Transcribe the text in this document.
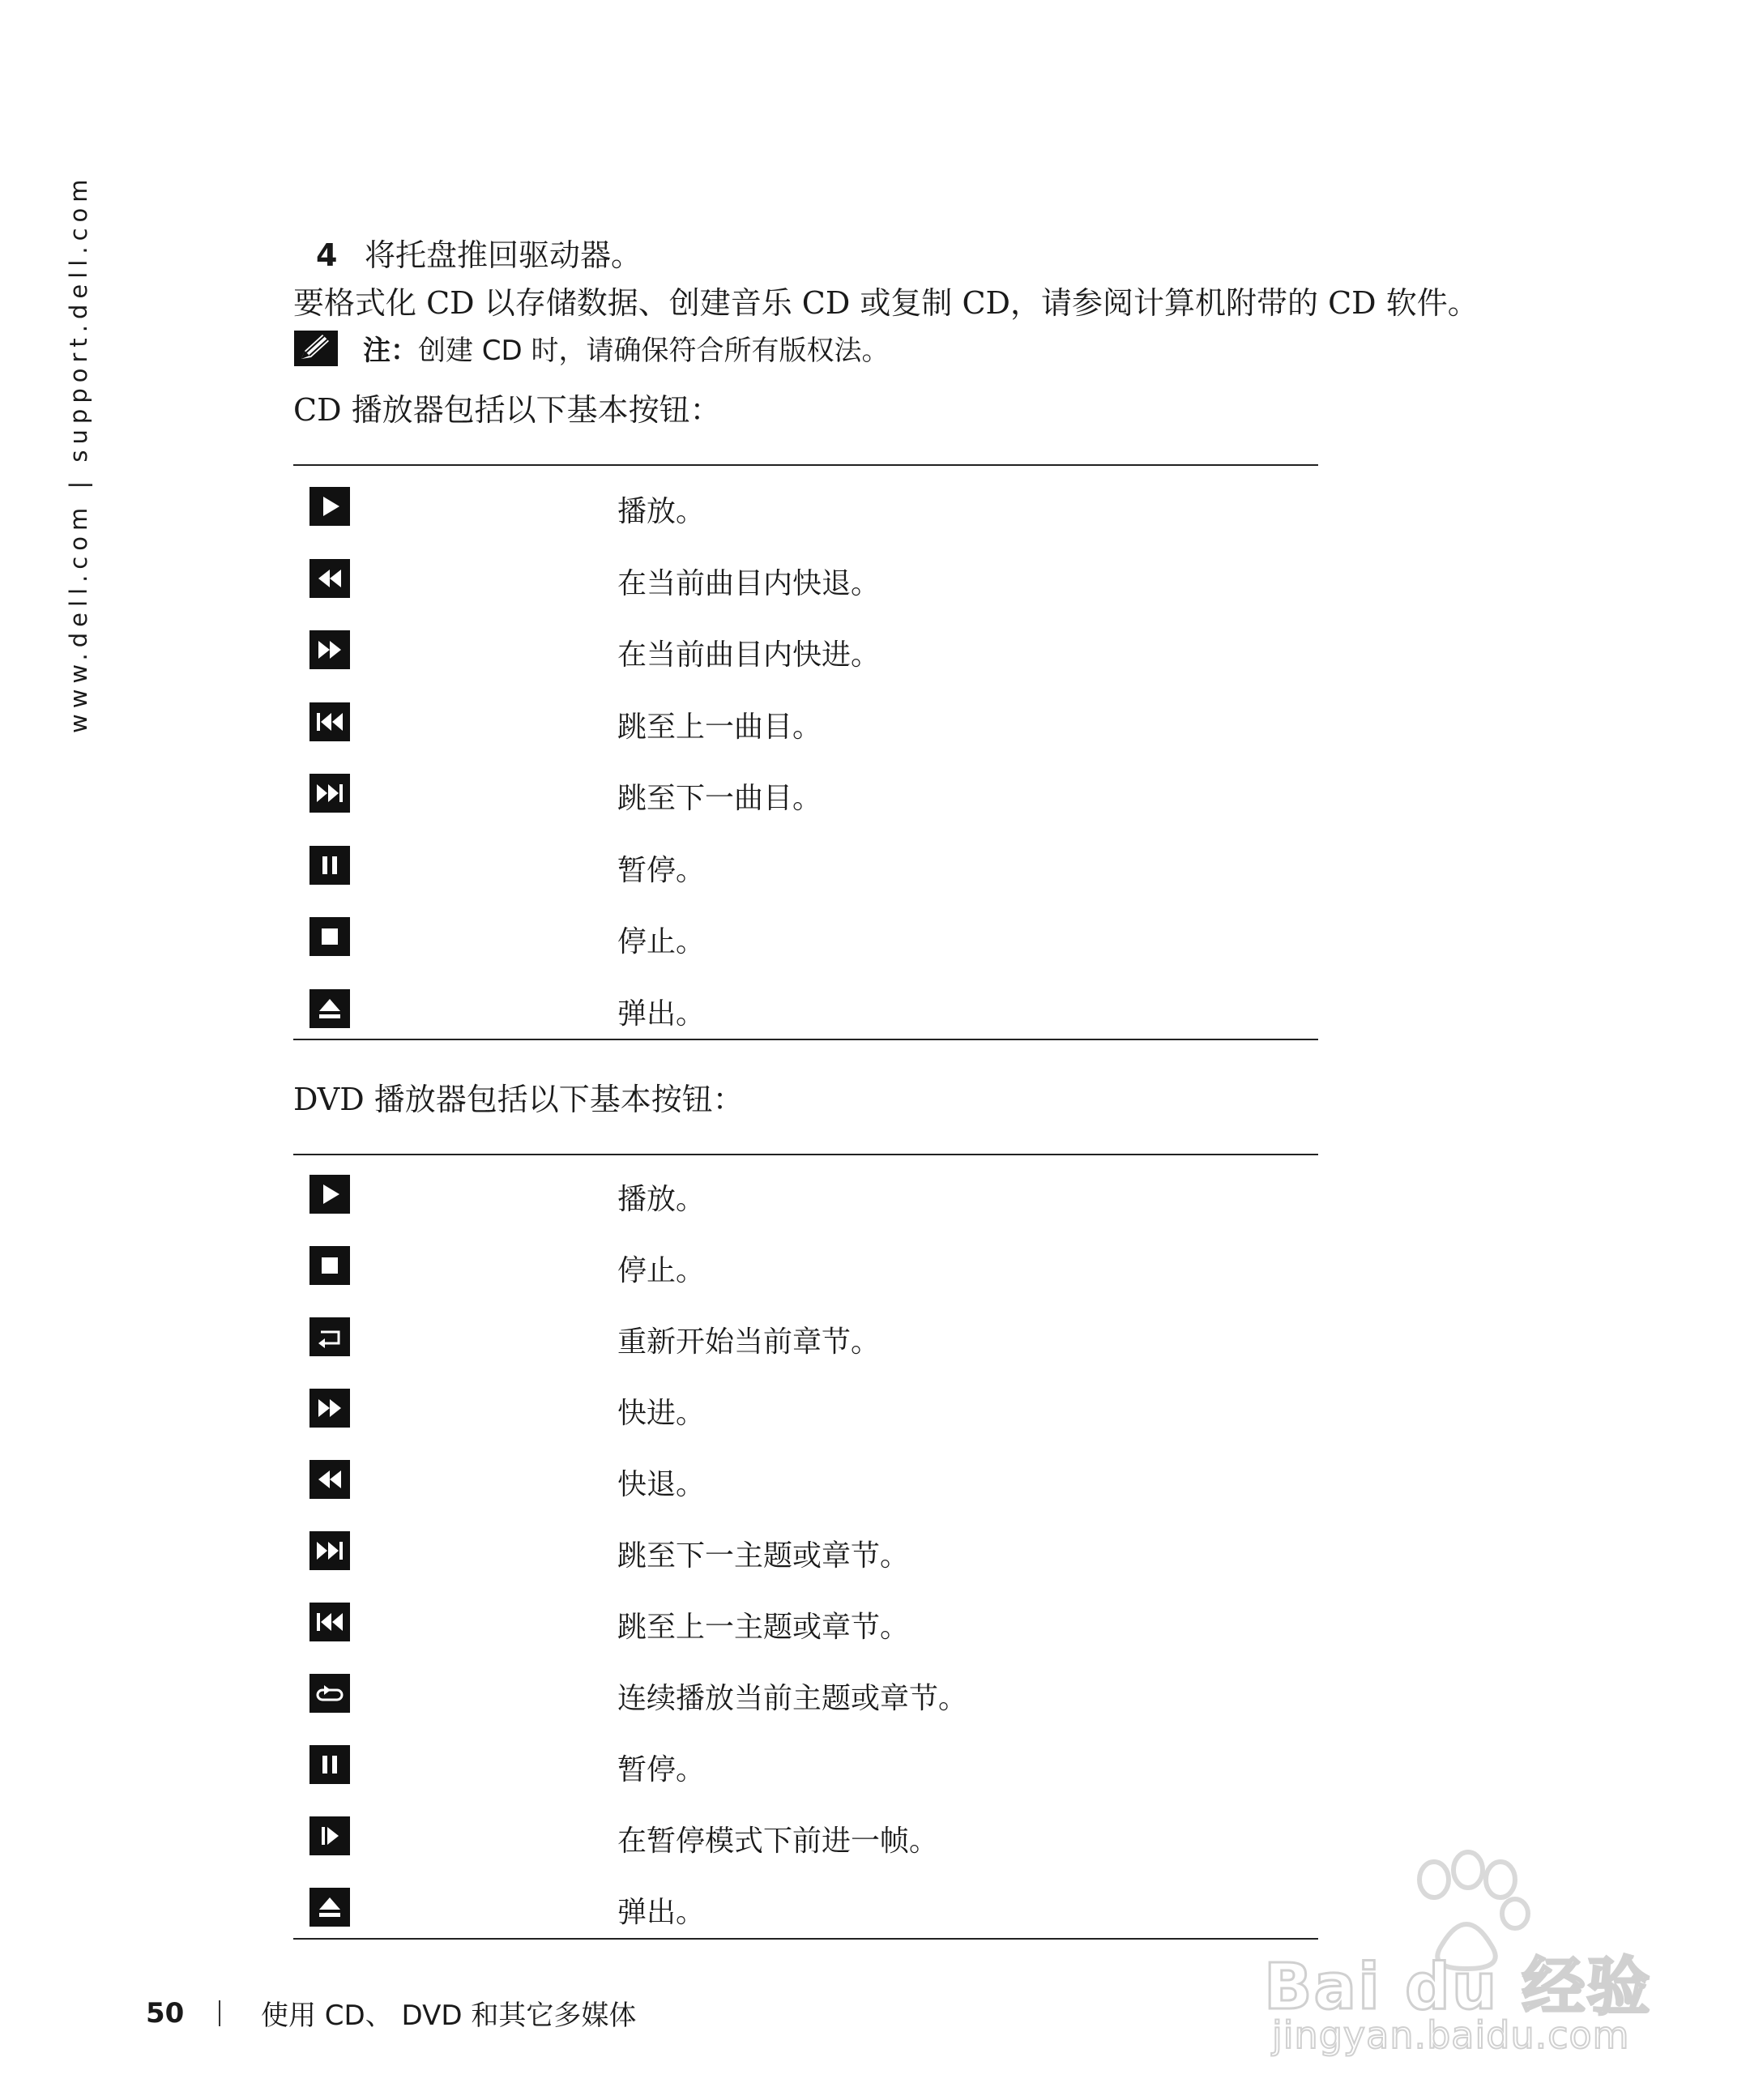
www.dell.com | support.dell.com	4 将托盘推回驱动器。
要格式化 CD 以存储数据、创建音乐 CD 或复制 CD，请参阅计算机附带的 CD 软件。
注： 创建 CD 时，请确保符合所有版权法。
CD 播放器包括以下基本按钮：
播放。
在当前曲目内快退。
在当前曲目内快进。
跳至上一曲目。
跳至下一曲目。
暂停。
停止。
弹出。
DVD 播放器包括以下基本按钮：
播放。
停止。
重新开始当前章节。
快进。
快退。
跳至下一主题或章节。
跳至上一主题或章节。
连续播放当前主题或章节。
暂停。
在暂停模式下前进一帧。
弹出。
50	使用 CD、 DVD 和其它多媒体	Bai du 经验
jingyan.baidu.com
